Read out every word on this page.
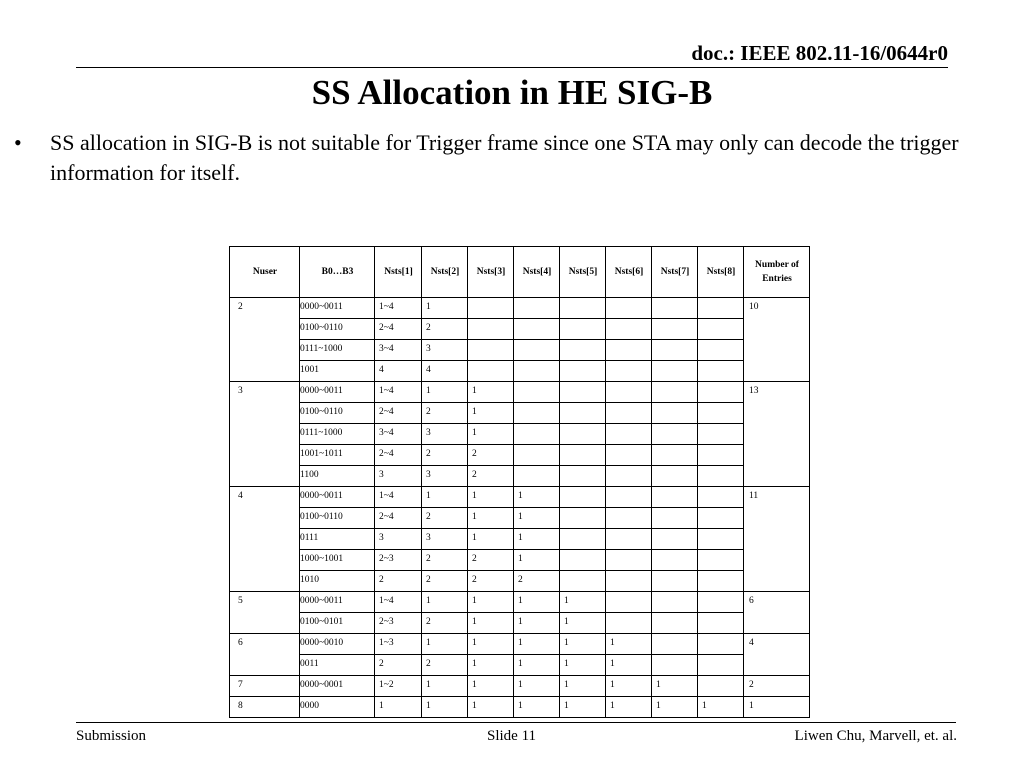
doc.: IEEE 802.11-16/0644r0
SS Allocation in HE SIG-B
•	SS allocation in SIG-B is not suitable for Trigger frame since one STA may only can decode the trigger information for itself.
Nuser	B0…B3	Nsts[1]	Nsts[2]	Nsts[3]	Nsts[4]	Nsts[5]	Nsts[6]	Nsts[7]	Nsts[8]	Number of Entries
2	0000~0011	1~4	1							10
	0100~0110	2~4	2							
	0111~1000	3~4	3							
	1001	4	4							
3	0000~0011	1~4	1	1						13
	0100~0110	2~4	2	1						
	0111~1000	3~4	3	1						
	1001~1011	2~4	2	2						
	1100	3	3	2						
4	0000~0011	1~4	1	1	1					11
	0100~0110	2~4	2	1	1					
	0111	3	3	1	1					
	1000~1001	2~3	2	2	1					
	1010	2	2	2	2					
5	0000~0011	1~4	1	1	1	1				6
	0100~0101	2~3	2	1	1	1				
6	0000~0010	1~3	1	1	1	1	1			4
	0011	2	2	1	1	1	1			
7	0000~0001	1~2	1	1	1	1	1	1		2
8	0000	1	1	1	1	1	1	1	1	1
Submission	Slide 11	Liwen Chu, Marvell, et. al.
